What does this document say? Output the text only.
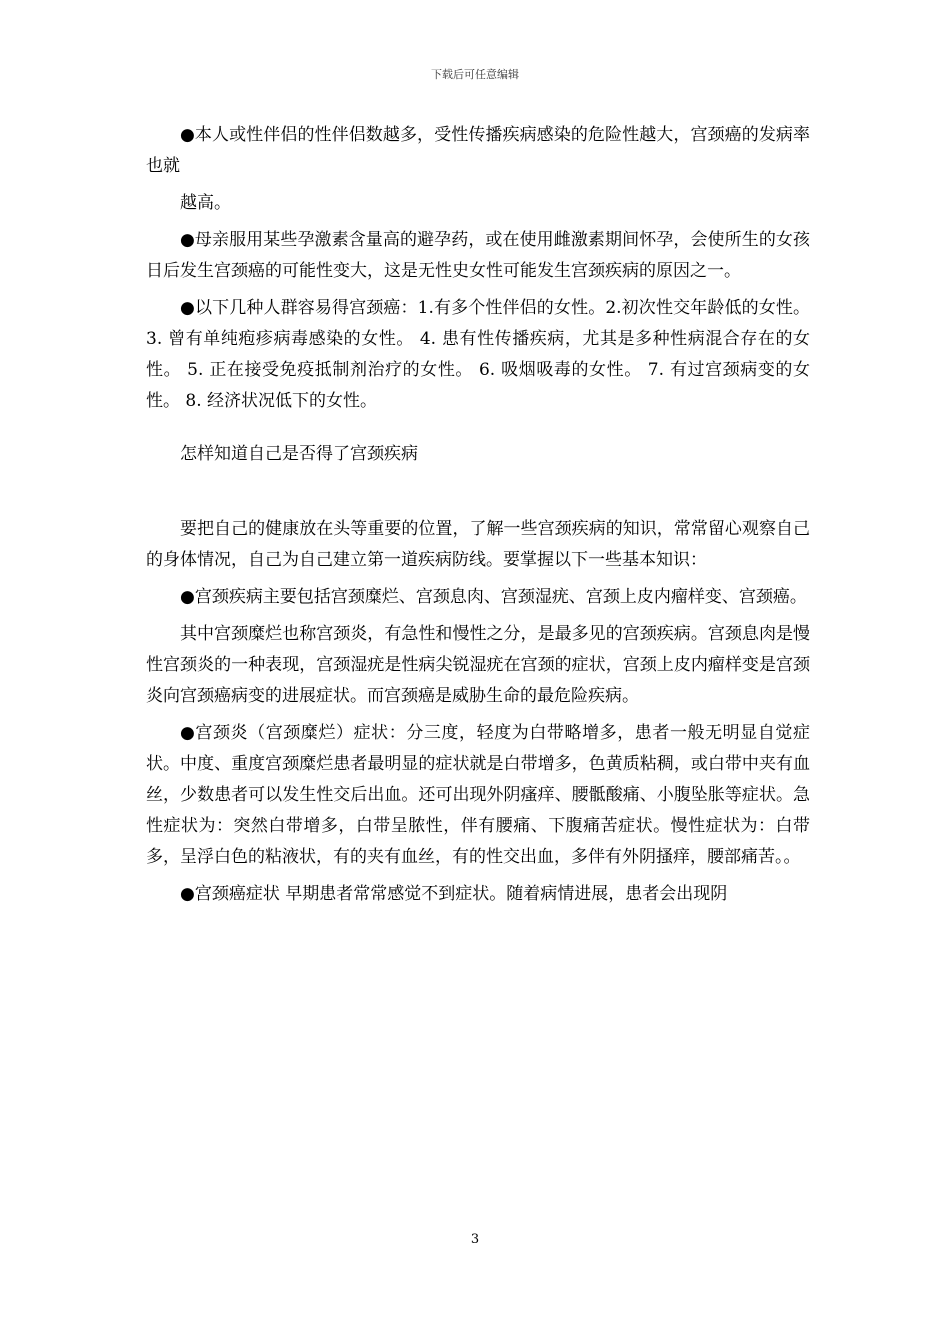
下载后可任意编辑

●本人或性伴侣的性伴侣数越多，受性传播疾病感染的危险性越大，宫颈癌的发病率也就

越高。

●母亲服用某些孕激素含量高的避孕药，或在使用雌激素期间怀孕，会使所生的女孩日后发生宫颈癌的可能性变大，这是无性史女性可能发生宫颈疾病的原因之一。

●以下几种人群容易得宫颈癌：1.有多个性伴侣的女性。2.初次性交年龄低的女性。3. 曾有单纯疱疹病毒感染的女性。 4. 患有性传播疾病，尤其是多种性病混合存在的女性。 5. 正在接受免疫抵制剂治疗的女性。 6. 吸烟吸毒的女性。 7. 有过宫颈病变的女性。 8. 经济状况低下的女性。

怎样知道自己是否得了宫颈疾病

要把自己的健康放在头等重要的位置，了解一些宫颈疾病的知识，常常留心观察自己的身体情况，自己为自己建立第一道疾病防线。要掌握以下一些基本知识：

●宫颈疾病主要包括宫颈糜烂、宫颈息肉、宫颈湿疣、宫颈上皮内瘤样变、宫颈癌。

其中宫颈糜烂也称宫颈炎，有急性和慢性之分，是最多见的宫颈疾病。宫颈息肉是慢性宫颈炎的一种表现，宫颈湿疣是性病尖锐湿疣在宫颈的症状，宫颈上皮内瘤样变是宫颈炎向宫颈癌病变的进展症状。而宫颈癌是威胁生命的最危险疾病。

●宫颈炎（宫颈糜烂）症状：分三度，轻度为白带略增多，患者一般无明显自觉症状。中度、重度宫颈糜烂患者最明显的症状就是白带增多，色黄质粘稠，或白带中夹有血丝，少数患者可以发生性交后出血。还可出现外阴瘙痒、腰骶酸痛、小腹坠胀等症状。急性症状为：突然白带增多，白带呈脓性，伴有腰痛、下腹痛苦症状。慢性症状为：白带多，呈浮白色的粘液状，有的夹有血丝，有的性交出血，多伴有外阴搔痒，腰部痛苦。。

●宫颈癌症状 早期患者常常感觉不到症状。随着病情进展，患者会出现阴

3
